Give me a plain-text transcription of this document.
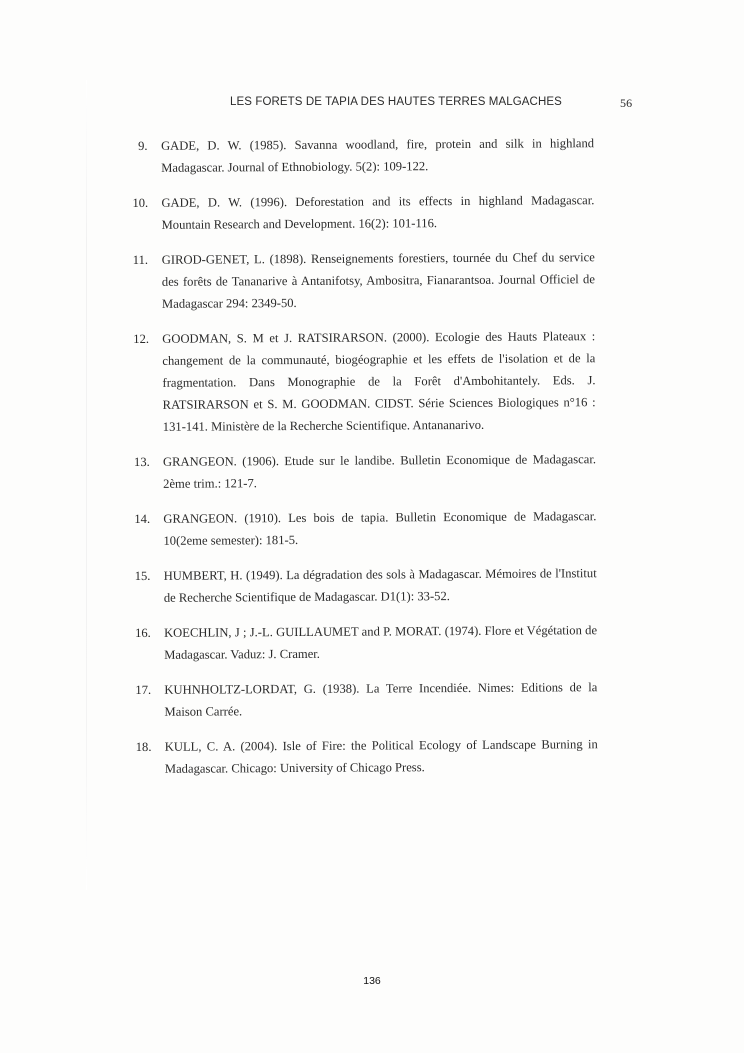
LES FORETS DE TAPIA DES HAUTES TERRES MALGACHES	56
9. GADE, D. W. (1985). Savanna woodland, fire, protein and silk in highland Madagascar. Journal of Ethnobiology. 5(2): 109-122.
10. GADE, D. W. (1996). Deforestation and its effects in highland Madagascar. Mountain Research and Development. 16(2): 101-116.
11. GIROD-GENET, L. (1898). Renseignements forestiers, tournée du Chef du service des forêts de Tananarive à Antanifotsy, Ambositra, Fianarantsoa. Journal Officiel de Madagascar 294: 2349-50.
12. GOODMAN, S. M et J. RATSIRARSON. (2000). Ecologie des Hauts Plateaux : changement de la communauté, biogéographie et les effets de l'isolation et de la fragmentation. Dans Monographie de la Forêt d'Ambohitantely. Eds. J. RATSIRARSON et S. M. GOODMAN. CIDST. Série Sciences Biologiques n°16 : 131-141. Ministère de la Recherche Scientifique. Antananarivo.
13. GRANGEON. (1906). Etude sur le landibe. Bulletin Economique de Madagascar. 2ème trim.: 121-7.
14. GRANGEON. (1910). Les bois de tapia. Bulletin Economique de Madagascar. 10(2eme semester): 181-5.
15. HUMBERT, H. (1949). La dégradation des sols à Madagascar. Mémoires de l'Institut de Recherche Scientifique de Madagascar. D1(1): 33-52.
16. KOECHLIN, J ; J.-L. GUILLAUMET and P. MORAT. (1974). Flore et Végétation de Madagascar. Vaduz: J. Cramer.
17. KUHNHOLTZ-LORDAT, G. (1938). La Terre Incendiée. Nimes: Editions de la Maison Carrée.
18. KULL, C. A. (2004). Isle of Fire: the Political Ecology of Landscape Burning in Madagascar. Chicago: University of Chicago Press.
136
